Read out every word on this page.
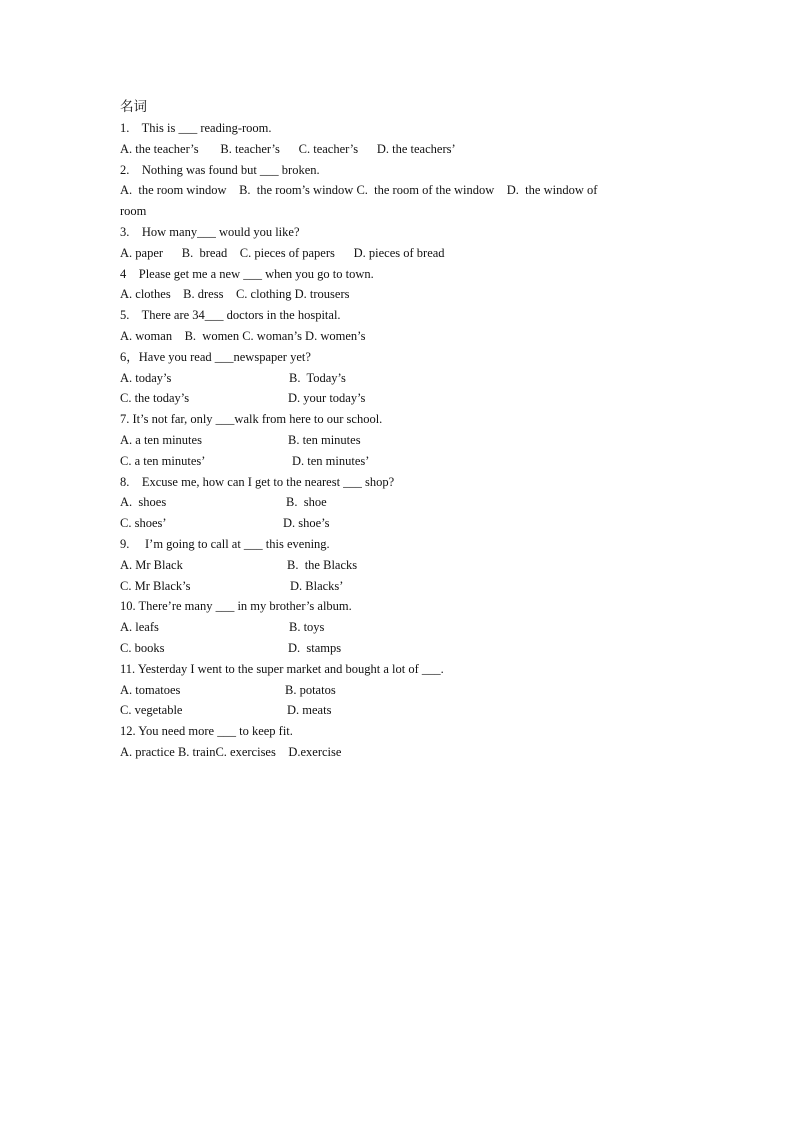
名词
1.    This is ___ reading-room.
A. the teacher’s       B. teacher’s      C. teacher’s      D. the teachers’
2.    Nothing was found but ___ broken.
A.  the room window    B.  the room’s window C.  the room of the window    D.  the window of
room
3.    How many___ would you like?
A. paper      B.  bread    C. pieces of papers      D. pieces of bread
4    Please get me a new ___ when you go to town.
A. clothes    B. dress    C. clothing D. trousers
5.    There are 34___ doctors in the hospital.
A. woman    B.  women C. woman’s D. women’s
6，Have you read ___newspaper yet?

A. today’s

	B.  Today’s

C. the today’s

	D. your today’s

7. It’s not far, only ___walk from here to our school.

A. a ten minutes

	B. ten minutes

C. a ten minutes’

	D. ten minutes’

8.    Excuse me, how can I get to the nearest ___ shop?

A.  shoes

	B.  shoe

C. shoes’

	D. shoe’s

9.     I’m going to call at ___ this evening.

A. Mr Black

	B.  the Blacks

C. Mr Black’s

	D. Blacks’

10. There’re many ___ in my brother’s album.

A. leafs

	B. toys

C. books

	D.  stamps

11. Yesterday I went to the super market and bought a lot of ___.

A. tomatoes

	B. potatos

C. vegetable

	D. meats

12. You need more ___ to keep fit.
A. practice B. trainC. exercises    D.exercise
